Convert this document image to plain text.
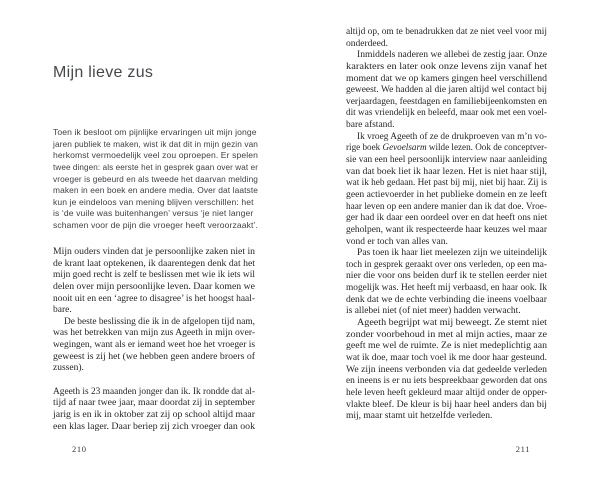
Mijn lieve zus
Toen ik besloot om pijnlijke ervaringen uit mijn jonge
jaren publiek te maken, wist ik dat dit in mijn gezin van
herkomst vermoedelijk veel zou oproepen. Er spelen
twee dingen: als eerste het in gesprek gaan over wat er
vroeger is gebeurd en als tweede het daarvan melding
maken in een boek en andere media. Over dat laatste
kun je eindeloos van mening blijven verschillen: het
is ‘de vuile was buitenhangen’ versus ‘je niet langer
schamen voor de pijn die vroeger heeft veroorzaakt’.
Mijn ouders vinden dat je persoonlijke zaken niet in
de krant laat optekenen, ik daarentegen denk dat het
mijn goed recht is zelf te beslissen met wie ik iets wil
delen over mijn persoonlijke leven. Daar komen we
nooit uit en een ‘agree to disagree’ is het hoogst haal-
bare.
De beste beslissing die ik in de afgelopen tijd nam,
was het betrekken van mijn zus Ageeth in mijn over-
wegingen, want als er iemand weet hoe het vroeger is
geweest is zij het (we hebben geen andere broers of
zussen).
Ageeth is 23 maanden jonger dan ik. Ik rondde dat al-
tijd af naar twee jaar, maar doordat zij in september
jarig is en ik in oktober zat zij op school altijd maar
een klas lager. Daar beriep zij zich vroeger dan ook
210
altijd op, om te benadrukken dat ze niet veel voor mij
onderdeed.
Inmiddels naderen we allebei de zestig jaar. Onze
karakters en later ook onze levens zijn vanaf het
moment dat we op kamers gingen heel verschillend
geweest. We hadden al die jaren altijd wel contact bij
verjaardagen, feestdagen en familiebijeenkomsten en
dit was vriendelijk en beleefd, maar ook met een voel-
bare afstand.
Ik vroeg Ageeth of ze de drukproeven van m’n vo-
rige boek Gevoelsarm wilde lezen. Ook de conceptver-
sie van een heel persoonlijk interview naar aanleiding
van dat boek liet ik haar lezen. Het is niet haar stijl,
wat ik heb gedaan. Het past bij mij, niet bij haar. Zij is
geen actievoerder in het publieke domein en ze leeft
haar leven op een andere manier dan ik dat doe. Vroe-
ger had ik daar een oordeel over en dat heeft ons niet
geholpen, want ik respecteerde haar keuzes wel maar
vond er toch van alles van.
Pas toen ik haar liet meelezen zijn we uiteindelijk
toch in gesprek geraakt over ons verleden, op een ma-
nier die voor ons beiden durf ik te stellen eerder niet
mogelijk was. Het heeft mij verbaasd, en haar ook. Ik
denk dat we de echte verbinding die ineens voelbaar
is allebei niet (of niet meer) hadden verwacht.
Ageeth begrijpt wat mij beweegt. Ze stemt niet
zonder voorbehoud in met al mijn acties, maar ze
geeft me wel de ruimte. Ze is niet medeplichtig aan
wat ik doe, maar toch voel ik me door haar gesteund.
We zijn ineens verbonden via dat gedeelde verleden
en ineens is er nu iets bespreekbaar geworden dat ons
hele leven heeft gekleurd maar altijd onder de opper-
vlakte bleef. De kleur is bij haar heel anders dan bij
mij, maar stamt uit hetzelfde verleden.
211
